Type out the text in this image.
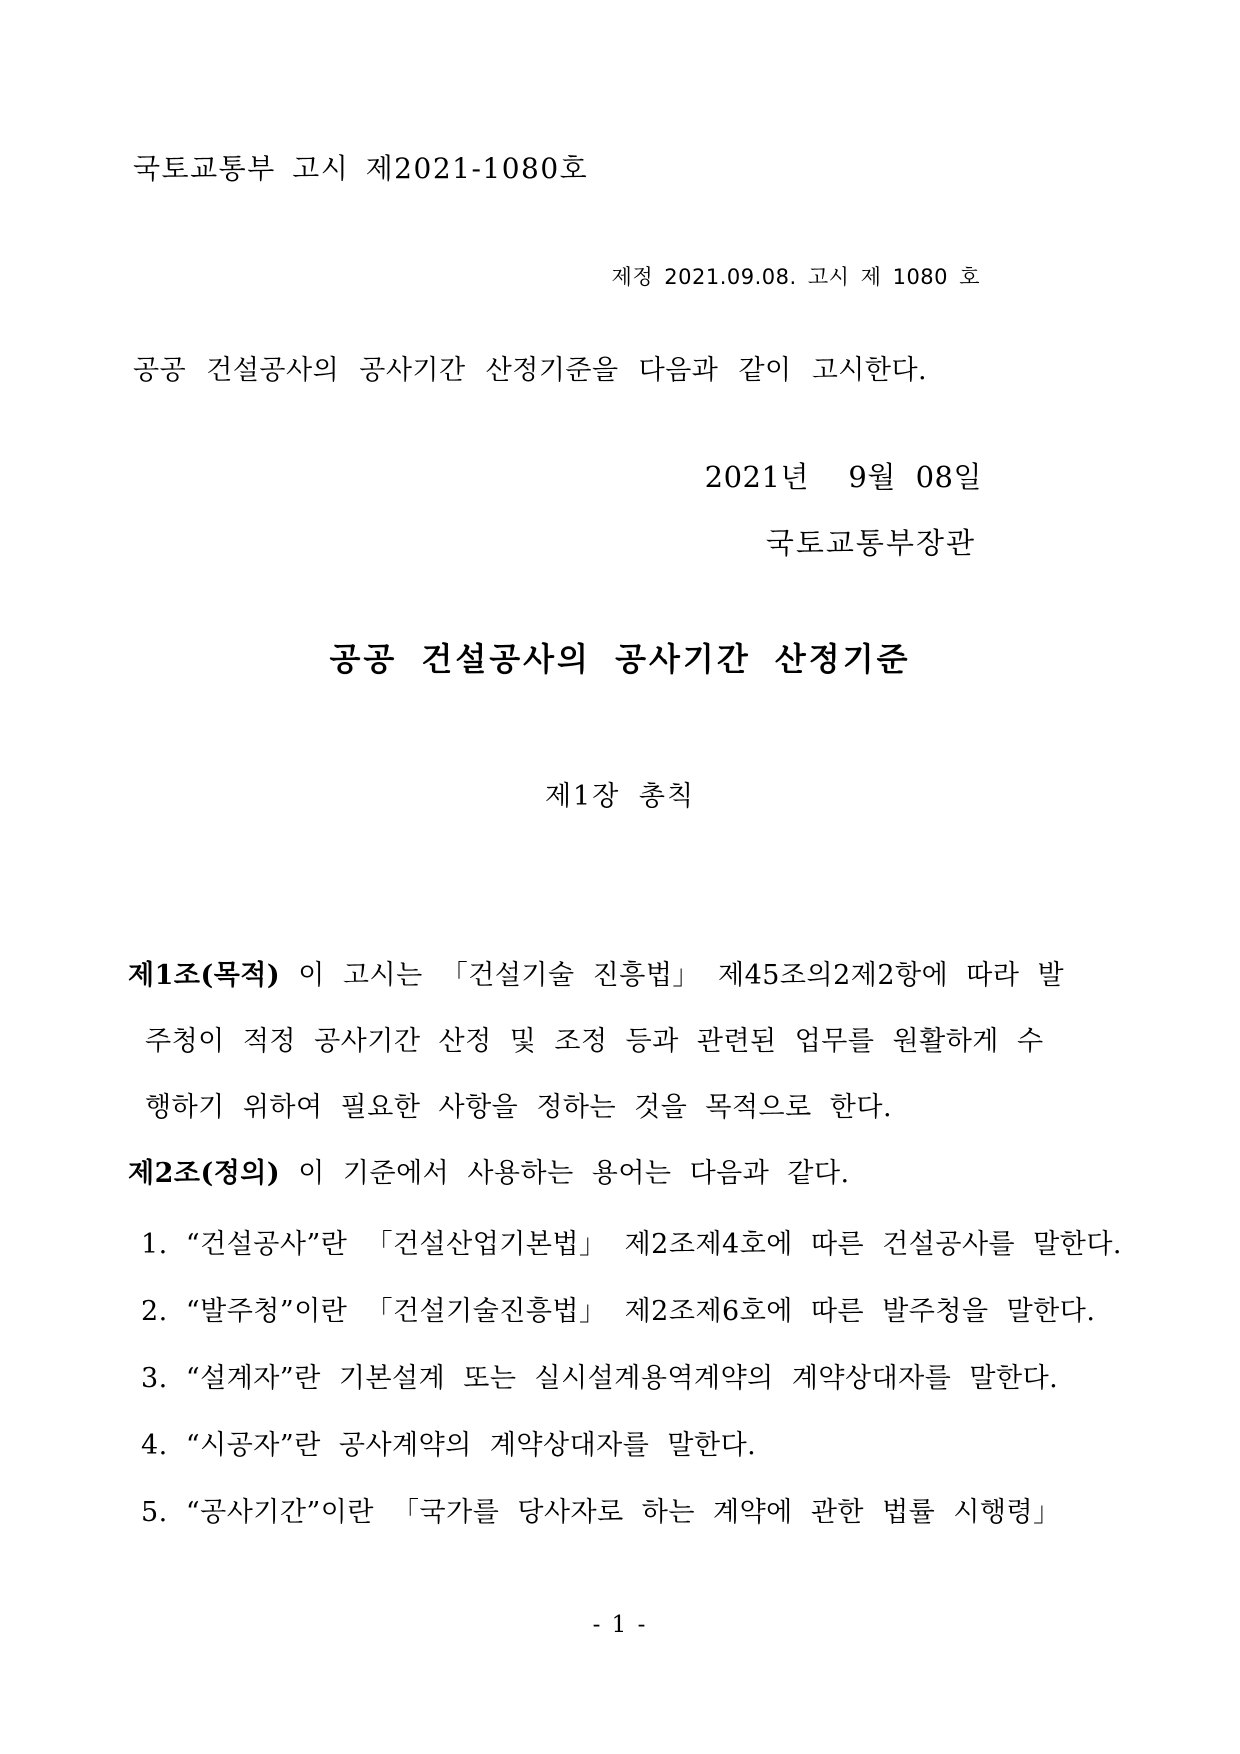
국토교통부 고시 제2021-1080호
제정 2021.09.08. 고시 제 1080 호
공공 건설공사의 공사기간 산정기준을 다음과 같이 고시한다.
2021년  9월 08일
국토교통부장관
공공 건설공사의 공사기간 산정기준
제1장 총칙
제1조(목적) 이 고시는 「건설기술 진흥법」 제45조의2제2항에 따라 발
주청이 적정 공사기간 산정 및 조정 등과 관련된 업무를 원활하게 수
행하기 위하여 필요한 사항을 정하는 것을 목적으로 한다.
제2조(정의) 이 기준에서 사용하는 용어는 다음과 같다.
1. “건설공사”란 「건설산업기본법」 제2조제4호에 따른 건설공사를 말한다.
2. “발주청”이란 「건설기술진흥법」 제2조제6호에 따른 발주청을 말한다.
3. “설계자”란 기본설계 또는 실시설계용역계약의 계약상대자를 말한다.
4. “시공자”란 공사계약의 계약상대자를 말한다.
5. “공사기간”이란 「국가를 당사자로 하는 계약에 관한 법률 시행령」
- 1 -
